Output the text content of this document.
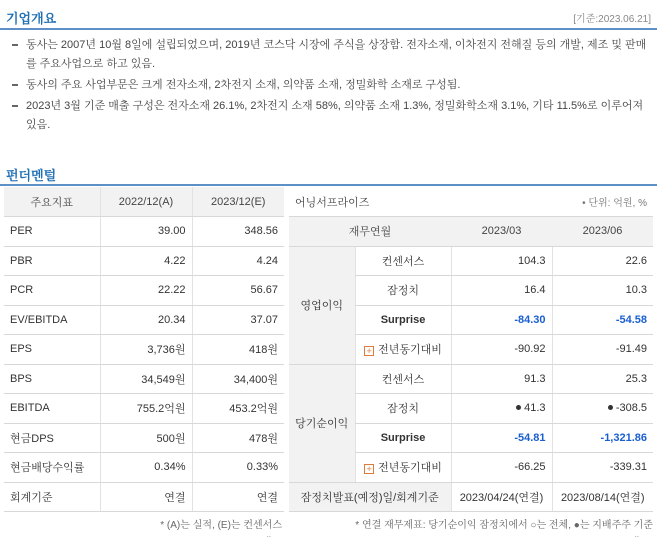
기업개요	[기준:2023.06.21]
동사는 2007년 10월 8일에 설립되었으며, 2019년 코스닥 시장에 주식을 상장함. 전자소재, 이차전지 전해질 등의 개발, 제조 및 판매를 주요사업으로 하고 있음.
동사의 주요 사업부문은 크게 전자소재, 2차전지 소재, 의약품 소재, 정밀화학 소재로 구성됨.
2023년 3월 기준 매출 구성은 전자소재 26.1%, 2차전지 소재 58%, 의약품 소재 1.3%, 정밀화학소재 3.1%, 기타 11.5%로 이루어져있음.
펀더멘털
주요지표	2022/12(A)	2023/12(E)
PER	39.00	348.56
PBR	4.22	4.24
PCR	22.22	56.67
EV/EBITDA	20.34	37.07
EPS	3,736원	418원
BPS	34,549원	34,400원
EBITDA	755.2억원	453.2억원
현금DPS	500원	478원
현금배당수익률	0.34%	0.33%
회계기준	연결	연결
어닝서프라이즈		• 단위: 억원, %	
재무연월		2023/03	2023/06
영업이익	컨센서스	104.3	22.6
	잠정치	16.4	10.3
	Surprise	-84.30	-54.58
	+ 전년동기대비	-90.92	-91.49
당기순이익	컨센서스	91.3	25.3
	잠정치	41.3	-308.5
	Surprise	-54.81	-1,321.86
	+ 전년동기대비	-66.25	-339.31
잠정치발표(예정)일/회계기준		2023/04/24(연결)	2023/08/14(연결)
* (A)는 실적, (E)는 컨센서스	* 연결 재무제표: 당기순이익 잠정치에서 ○는 전체, ●는 지배주주 기준
⌄	⌄
